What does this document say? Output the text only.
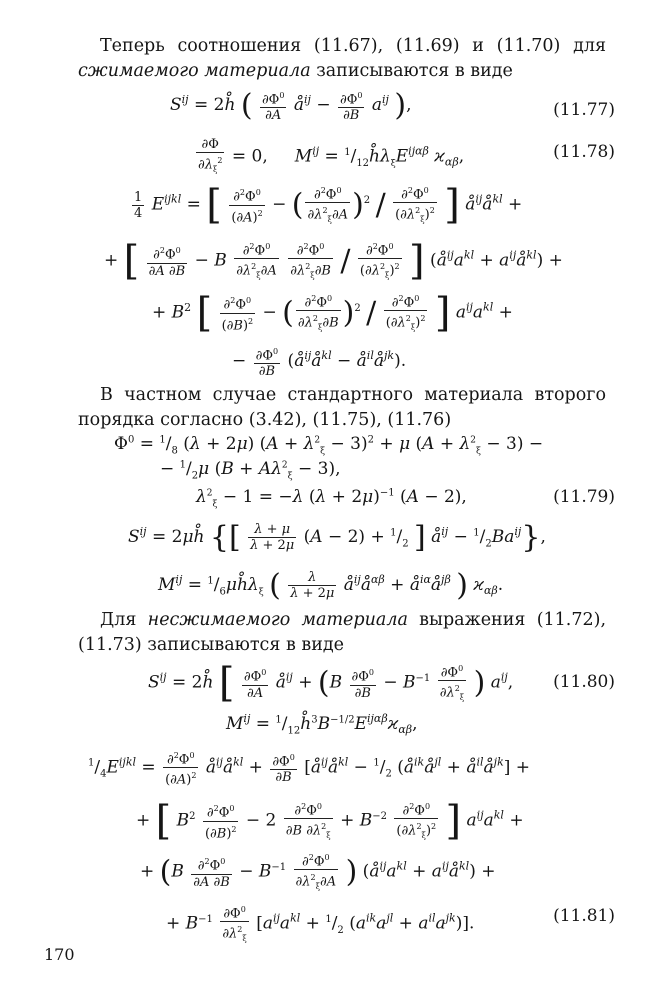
Теперь соотношения (11.67), (11.69) и (11.70) для сжимаемого материала записываются в виде
$S^{ij}$ = 2h̊ ( $\frac{\partial\Phi^0}{\partial A}$ $å^{ij} - \frac{\partial\Phi^0}{\partial B} a^{ij}$ ),	(11.77)
$\frac{\partial\Phi}{\partial\lambda_\xi^2} = 0$,     $M^{ij}$ = $^1/_{12}h̊\lambda_\xi E^{ij\alpha\beta}$ $ϰ_{\alpha\beta}$,	(11.78)
$\frac{1}{4} E^{ijkl}$ = [ $\frac{\partial^2\Phi^0}{(\partial A)^2}$ − ( $\frac{\partial^2\Phi^0}{\partial\lambda^2_\xi\partial A} )^2 / \frac{\partial^2\Phi^0}{(\partial\lambda^2_\xi)^2}$ ] $å^{ij}å^{kl}$ +
+ [ $\frac{\partial^2\Phi^0}{\partial A \partial B} - B \frac{\partial^2\Phi^0}{\partial\lambda^2_\xi\partial A}$
$\frac{\partial^2\Phi^0}{\partial\lambda^2_\xi\partial B} / \frac{\partial^2\Phi^0}{(\partial\lambda^2_\xi)^2}$ ] ($å^{ij}a^{kl}$ + $a^{ij}å^{kl}$) +
+ $B^2$ [ $\frac{\partial^2\Phi^0}{(\partial B)^2}$ − ( $\frac{\partial^2\Phi^0}{\partial\lambda^2_\xi\partial B} )^2 / \frac{\partial^2\Phi^0}{(\partial\lambda^2_\xi)^2}$ ] $a^{ij}a^{kl}$ +
− $\frac{\partial\Phi^0}{\partial B}$ ($å^{ij}å^{kl}$ − $å^{il}å^{jk}$).
В частном случае стандартного материала второго порядка согласно (3.42), (11.75), (11.76)
$\Phi^0 = ^1/_8$ (λ + 2μ) $(A + \lambda^2_\xi - 3)^2 + \mu$ $(A + \lambda^2_\xi - 3)$ −
− $^1/_2\mu$ $(B + A\lambda^2_\xi - 3)$,
$\lambda^2_\xi - 1 = -\lambda$ $(\lambda + 2\mu)^{-1}$ (A − 2),	(11.79)
$S^{ij}$ = 2μh̊ {[ $\frac{\lambda + \mu}{\lambda + 2\mu} (A - 2) + ^1/_2$ ] $å^{ij} - ^1/_2Ba^{ij}$},
$M^{ij}$ = $^1/_6\mu h̊\lambda_\xi$ ( $\frac{\lambda}{\lambda + 2\mu}$ $å^{ij}å^{\alpha\beta}$ + $å^{i\alpha}å^{j\beta}$ ) $ϰ_{\alpha\beta}$.
Для несжимаемого материала выражения (11.72), (11.73) записываются в виде
$S^{ij}$ = 2h̊ [ $\frac{\partial\Phi^0}{\partial A}$ $å^{ij} + (B \frac{\partial\Phi^0}{\partial B} - B^{-1} \frac{\partial\Phi^0}{\partial\lambda^2_\xi}$ ) $a^{ij}$, (11.80)
$M^{ij}$ = $^1/_{12}h̊^3B^{-1/2}E^{ij\alpha\beta}ϰ_{\alpha\beta}$,
$^1/_4E^{ijkl} = \frac{\partial^2\Phi^0}{(\partial A)^2}$ $å^{ij}å^{kl} + \frac{\partial\Phi^0}{\partial B}$ [$å^{ij}å^{kl} - ^1/_2$ ($å^{ik}å^{jl}$ + $å^{il}å^{jk}$] +
+ [ $B^2 \frac{\partial^2\Phi^0}{(\partial B)^2} - 2 \frac{\partial^2\Phi^0}{\partial B \partial\lambda^2_\xi} + B^{-2} \frac{\partial^2\Phi^0}{(\partial\lambda^2_\xi)^2}$ ] $a^{ij}a^{kl}$ +
+ ($B \frac{\partial^2\Phi^0}{\partial A \partial B} - B^{-1} \frac{\partial^2\Phi^0}{\partial\lambda^2_\xi\partial A}$ ) ($å^{ij}a^{kl}$ + $a^{ij}å^{kl}$) +
+ $B^{-1} \frac{\partial\Phi^0}{\partial\lambda^2_\xi} [a^{ij}a^{kl} + ^1/_2$ $(a^{ik}a^{jl} + a^{il}a^{jk})$].	(11.81)
170
